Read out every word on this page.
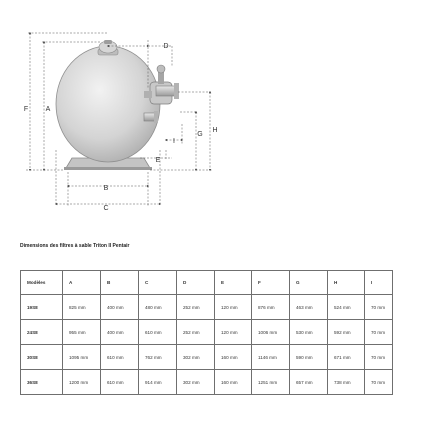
F	A
B
C
D
E
G
H
I
Dimensions des filtres à sable Triton II Pentair
Modèles	A	B	C	D	E	F	G	H	I
19S8	825 mm	400 mm	480 mm	252 mm	120 mm	876 mm	463 mm	524 mm	70 mm
24S8	955 mm	400 mm	610 mm	252 mm	120 mm	1006 mm	530 mm	592 mm	70 mm
30S8	1095 mm	610 mm	762 mm	302 mm	160 mm	1146 mm	590 mm	671 mm	70 mm
36S8	1200 mm	610 mm	914 mm	302 mm	160 mm	1251 mm	657 mm	738 mm	70 mm
